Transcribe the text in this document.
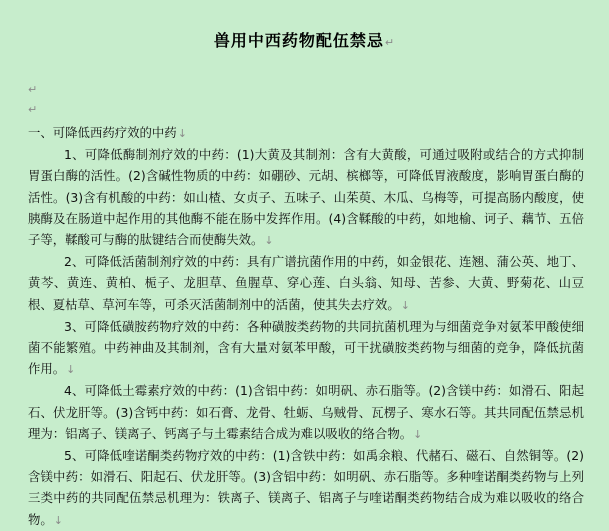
兽用中西药物配伍禁忌↵
↵
↵

一、可降低西药疗效的中药↓

1、可降低酶制剂疗效的中药：(1)大黄及其制剂：含有大黄酸，可通过吸附或结合的方式抑制胃蛋白酶的活性。(2)含碱性物质的中药：如硼砂、元胡、槟榔等，可降低胃液酸度，影响胃蛋白酶的活性。(3)含有机酸的中药：如山楂、女贞子、五味子、山茱萸、木瓜、乌梅等，可提高肠内酸度，使胰酶及在肠道中起作用的其他酶不能在肠中发挥作用。(4)含鞣酸的中药，如地榆、诃子、藕节、五倍子等，鞣酸可与酶的肽键结合而使酶失效。↓

2、可降低活菌制剂疗效的中药：具有广谱抗菌作用的中药，如金银花、连翘、蒲公英、地丁、黄芩、黄连、黄柏、栀子、龙胆草、鱼腥草、穿心莲、白头翁、知母、苦参、大黄、野菊花、山豆根、夏枯草、草河车等，可杀灭活菌制剂中的活菌，使其失去疗效。↓

3、可降低磺胺药物疗效的中药：各种磺胺类药物的共同抗菌机理为与细菌竞争对氨苯甲酸使细菌不能繁殖。中药神曲及其制剂，含有大量对氨苯甲酸，可干扰磺胺类药物与细菌的竞争，降低抗菌作用。↓

4、可降低土霉素疗效的中药：(1)含铝中药：如明矾、赤石脂等。(2)含镁中药：如滑石、阳起石、伏龙肝等。(3)含钙中药：如石膏、龙骨、牡蛎、乌贼骨、瓦楞子、寒水石等。其共同配伍禁忌机理为：铝离子、镁离子、钙离子与土霉素结合成为难以吸收的络合物。↓

5、可降低喹诺酮类药物疗效的中药：(1)含铁中药：如禹余粮、代赭石、磁石、自然铜等。(2)含镁中药：如滑石、阳起石、伏龙肝等。(3)含铝中药：如明矾、赤石脂等。多种喹诺酮类药物与上列三类中药的共同配伍禁忌机理为：铁离子、镁离子、铝离子与喹诺酮类药物结合成为难以吸收的络合物。↓
